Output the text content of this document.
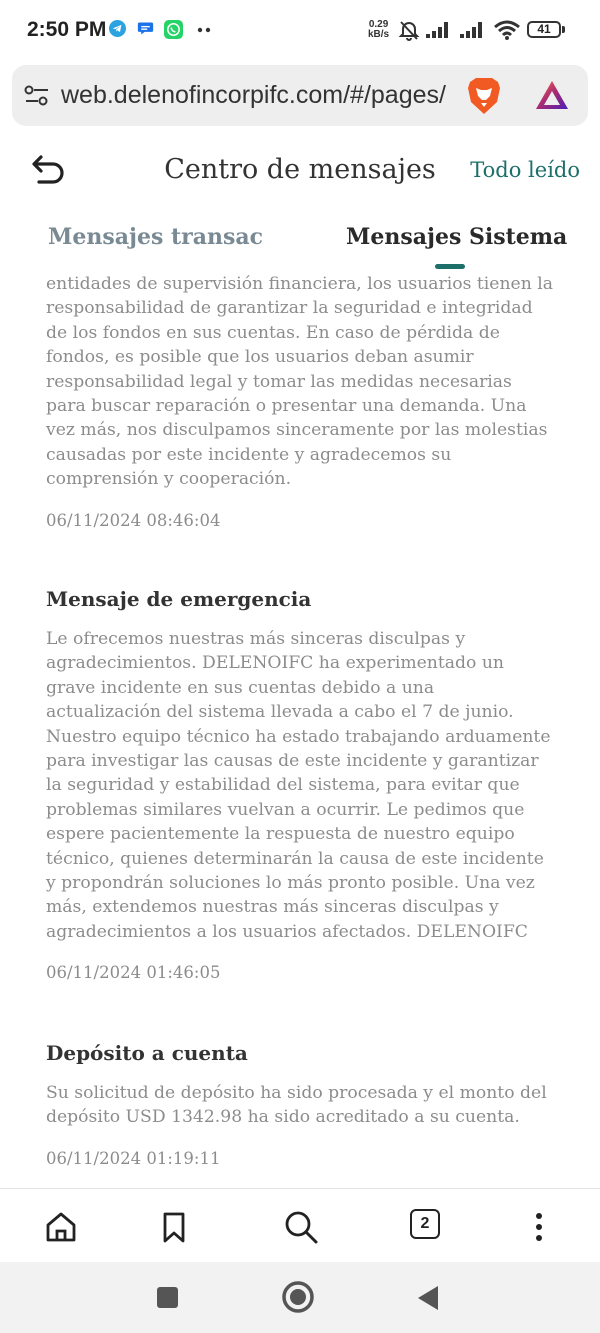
2:50 PM	0.29
kB/s	41
web.delenofincorpifc.com/#/pages/
Centro de mensajes	Todo leído
Mensajes transac	Mensajes Sistema
entidades de supervisión financiera, los usuarios tienen la responsabilidad de garantizar la seguridad e integridad de los fondos en sus cuentas. En caso de pérdida de fondos, es posible que los usuarios deban asumir responsabilidad legal y tomar las medidas necesarias para buscar reparación o presentar una demanda. Una vez más, nos disculpamos sinceramente por las molestias causadas por este incidente y agradecemos su comprensión y cooperación.
06/11/2024 08:46:04
Mensaje de emergencia
Le ofrecemos nuestras más sinceras disculpas y agradecimientos. DELENOIFC ha experimentado un grave incidente en sus cuentas debido a una actualización del sistema llevada a cabo el 7 de junio. Nuestro equipo técnico ha estado trabajando arduamente para investigar las causas de este incidente y garantizar la seguridad y estabilidad del sistema, para evitar que problemas similares vuelvan a ocurrir. Le pedimos que espere pacientemente la respuesta de nuestro equipo técnico, quienes determinarán la causa de este incidente y propondrán soluciones lo más pronto posible. Una vez más, extendemos nuestras más sinceras disculpas y agradecimientos a los usuarios afectados. DELENOIFC
06/11/2024 01:46:05
Depósito a cuenta
Su solicitud de depósito ha sido procesada y el monto del depósito USD 1342.98 ha sido acreditado a su cuenta.
06/11/2024 01:19:11
2
